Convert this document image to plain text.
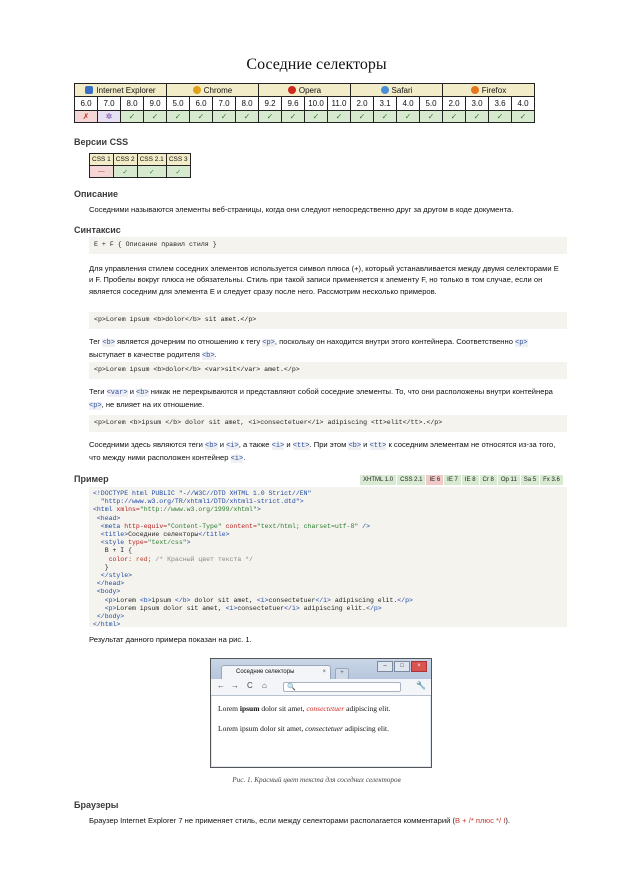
Соседние селекторы
Internet Explorer				Chrome				Opera				Safari				Firefox			
6.0	7.0	8.0	9.0	5.0	6.0	7.0	8.0	9.2	9.6	10.0	11.0	2.0	3.1	4.0	5.0	2.0	3.0	3.6	4.0
✗	✲	✓	✓	✓	✓	✓	✓	✓	✓	✓	✓	✓	✓	✓	✓	✓	✓	✓	✓
Версии CSS
CSS 1	CSS 2	CSS 2.1	CSS 3
—	✓	✓	✓
Описание

Соседними называются элементы веб-страницы, когда они следуют непосредственно друг за другом в коде документа.

Синтаксис
E + F { Описание правил стиля }

Для управления стилем соседних элементов используется символ плюса (+), который устанавливается между двумя селекторами E и F. Пробелы вокруг плюса не обязательны. Стиль при такой записи применяется к элементу F, но только в том случае, если он является соседним для элемента E и следует сразу после него. Рассмотрим несколько примеров.

<p>Lorem ipsum <b>dolor</b> sit amet.</p>

Тег <b> является дочерним по отношению к тегу <p>, поскольку он находится внутри этого контейнера. Соответственно <p> выступает в качестве родителя <b>.

<p>Lorem ipsum <b>dolor</b> <var>sit</var> amet.</p>

Теги <var> и <b> никак не перекрываются и представляют собой соседние элементы. То, что они расположены внутри контейнера <p>, не влияет на их отношение.

<p>Lorem <b>ipsum </b> dolor sit amet, <i>consectetuer</i> adipiscing <tt>elit</tt>.</p>

Соседними здесь являются теги <b> и <i>, а также <i> и <tt>. При этом <b> и <tt> к соседним элементам не относятся из-за того, что между ними расположен контейнер <i>.

Пример	XHTML 1.0	CSS 2.1	IE 6	IE 7	IE 8	Cr 8	Op 11	Sa 5	Fx 3.6
<!DOCTYPE html PUBLIC "-//W3C//DTD XHTML 1.0 Strict//EN"
"http://www.w3.org/TR/xhtml1/DTD/xhtml1-strict.dtd">
<html xmlns="http://www.w3.org/1999/xhtml">
<head>
<meta http-equiv="Content-Type" content="text/html; charset=utf-8" />
<title>Соседние селекторы</title>
<style type="text/css">
B + I {
color: red; /* Красный цвет текста */
}
</style>
</head>
<body>
<p>Lorem <b>ipsum </b> dolor sit amet, <i>consectetuer</i> adipiscing elit.</p>
<p>Lorem ipsum dolor sit amet, <i>consectetuer</i> adipiscing elit.</p>
</body>
</html>

Результат данного примера показан на рис. 1.

Соседние селекторы	×	+
–	□	×
← → C ⌂	🔍	🔧

Lorem ipsum dolor sit amet, consectetuer adipiscing elit.

Lorem ipsum dolor sit amet, consectetuer adipiscing elit.

Рис. 1. Красный цвет текста для соседних селекторов
Браузеры

Браузер Internet Explorer 7 не применяет стиль, если между селекторами располагается комментарий (B + /* плюс */ I).
